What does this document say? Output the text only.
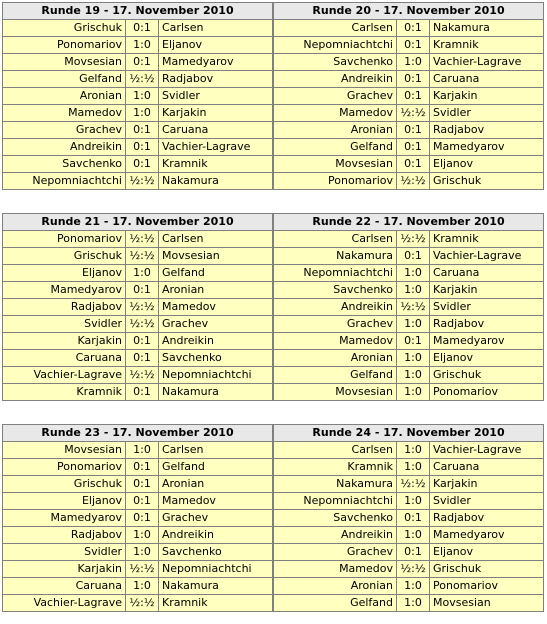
Runde 19 - 17. November 2010		
Grischuk	0:1	Carlsen
Ponomariov	1:0	Eljanov
Movsesian	0:1	Mamedyarov
Gelfand	½:½	Radjabov
Aronian	1:0	Svidler
Mamedov	1:0	Karjakin
Grachev	0:1	Caruana
Andreikin	0:1	Vachier-Lagrave
Savchenko	0:1	Kramnik
Nepomniachtchi	½:½	Nakamura
Runde 20 - 17. November 2010		
Carlsen	0:1	Nakamura
Nepomniachtchi	0:1	Kramnik
Savchenko	1:0	Vachier-Lagrave
Andreikin	0:1	Caruana
Grachev	0:1	Karjakin
Mamedov	½:½	Svidler
Aronian	0:1	Radjabov
Gelfand	0:1	Mamedyarov
Movsesian	0:1	Eljanov
Ponomariov	½:½	Grischuk
Runde 21 - 17. November 2010		
Ponomariov	½:½	Carlsen
Grischuk	½:½	Movsesian
Eljanov	1:0	Gelfand
Mamedyarov	0:1	Aronian
Radjabov	½:½	Mamedov
Svidler	½:½	Grachev
Karjakin	0:1	Andreikin
Caruana	0:1	Savchenko
Vachier-Lagrave	½:½	Nepomniachtchi
Kramnik	0:1	Nakamura
Runde 22 - 17. November 2010		
Carlsen	½:½	Kramnik
Nakamura	0:1	Vachier-Lagrave
Nepomniachtchi	1:0	Caruana
Savchenko	1:0	Karjakin
Andreikin	½:½	Svidler
Grachev	1:0	Radjabov
Mamedov	0:1	Mamedyarov
Aronian	1:0	Eljanov
Gelfand	1:0	Grischuk
Movsesian	1:0	Ponomariov
Runde 23 - 17. November 2010		
Movsesian	1:0	Carlsen
Ponomariov	0:1	Gelfand
Grischuk	0:1	Aronian
Eljanov	0:1	Mamedov
Mamedyarov	0:1	Grachev
Radjabov	1:0	Andreikin
Svidler	1:0	Savchenko
Karjakin	½:½	Nepomniachtchi
Caruana	1:0	Nakamura
Vachier-Lagrave	½:½	Kramnik
Runde 24 - 17. November 2010		
Carlsen	1:0	Vachier-Lagrave
Kramnik	1:0	Caruana
Nakamura	½:½	Karjakin
Nepomniachtchi	1:0	Svidler
Savchenko	0:1	Radjabov
Andreikin	1:0	Mamedyarov
Grachev	0:1	Eljanov
Mamedov	½:½	Grischuk
Aronian	1:0	Ponomariov
Gelfand	1:0	Movsesian
